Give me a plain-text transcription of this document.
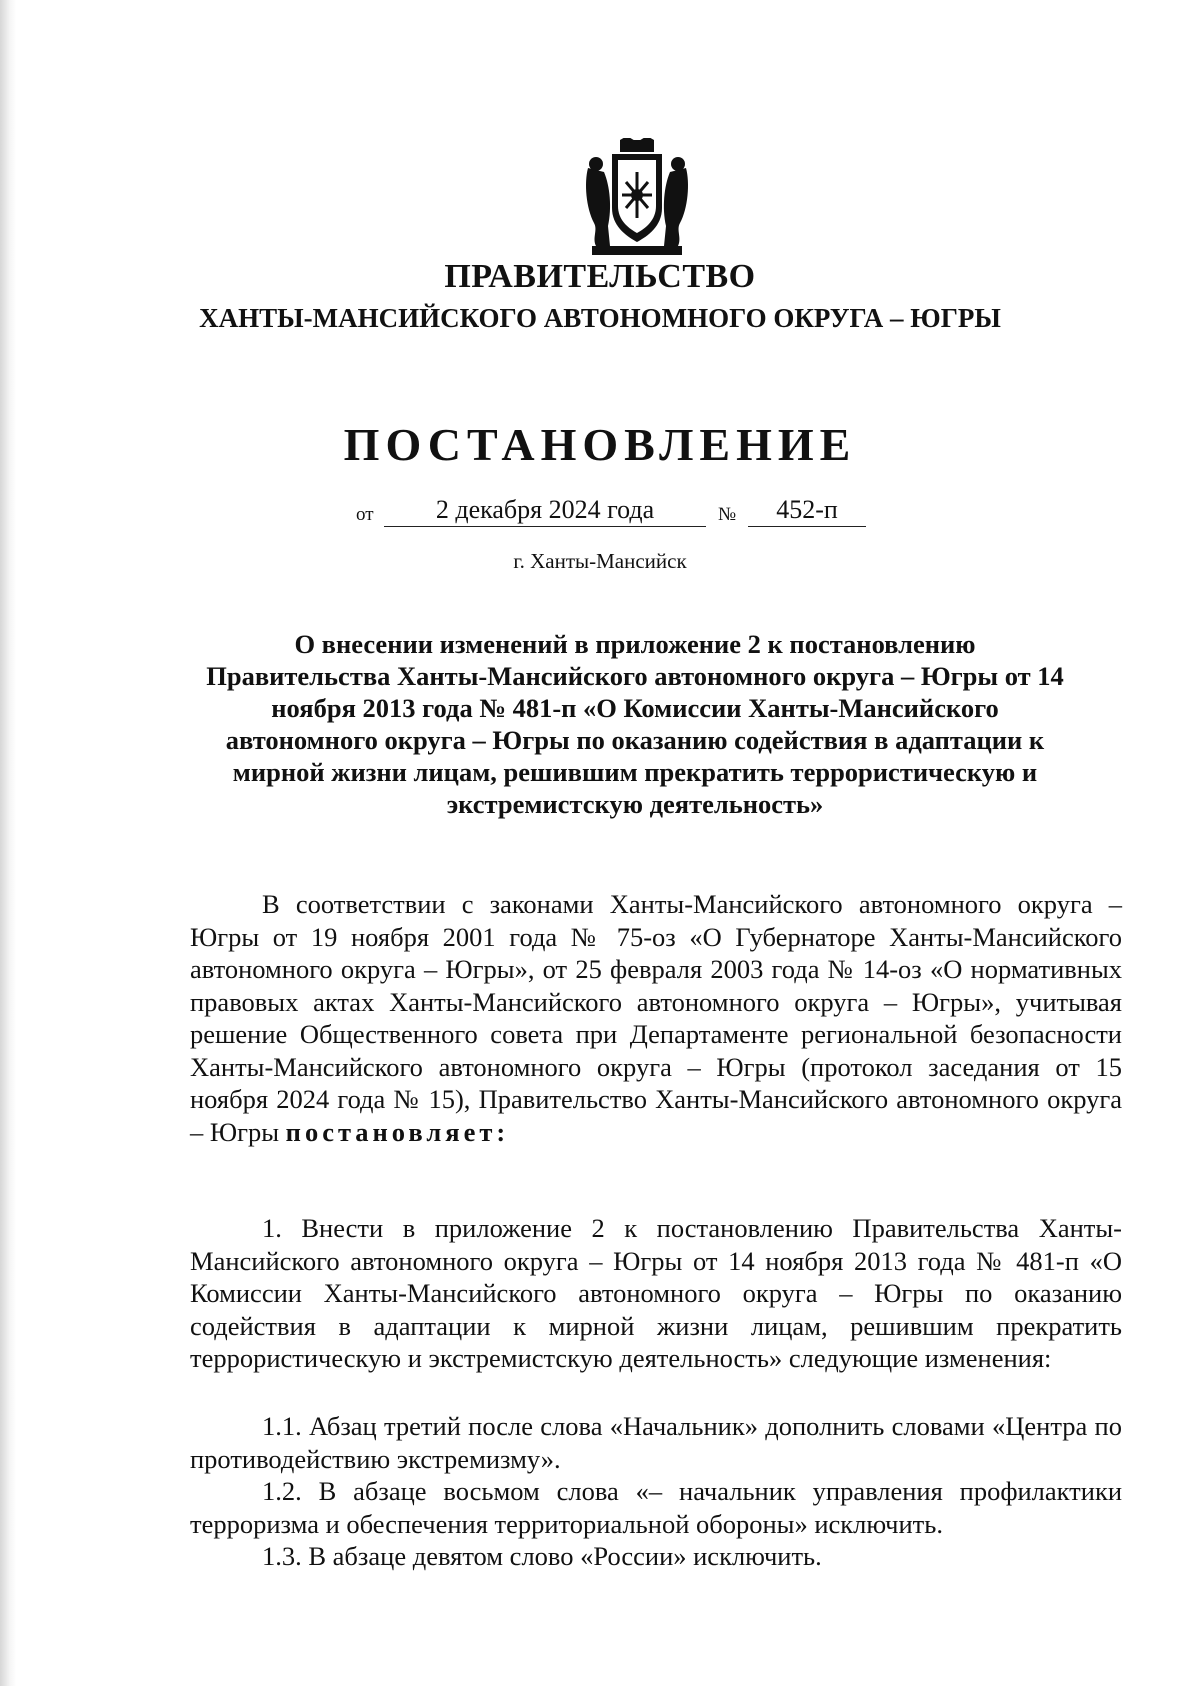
ПРАВИТЕЛЬСТВО
ХАНТЫ-МАНСИЙСКОГО АВТОНОМНОГО ОКРУГА – ЮГРЫ
ПОСТАНОВЛЕНИЕ
от	2 декабря 2024 года	№	452-п
г. Ханты-Мансийск
О внесении изменений в приложение 2 к постановлению Правительства Ханты-Мансийского автономного округа – Югры от 14 ноября 2013 года № 481-п «О Комиссии Ханты-Мансийского автономного округа – Югры по оказанию содействия в адаптации к мирной жизни лицам, решившим прекратить террористическую и экстремистскую деятельность»
В соответствии с законами Ханты-Мансийского автономного округа – Югры от 19 ноября 2001 года № 75-оз «О Губернаторе Ханты-Мансийского автономного округа – Югры», от 25 февраля 2003 года № 14-оз «О нормативных правовых актах Ханты-Мансийского автономного округа – Югры», учитывая решение Общественного совета при Департаменте региональной безопасности Ханты-Мансийского автономного округа – Югры (протокол заседания от 15 ноября 2024 года № 15), Правительство Ханты-Мансийского автономного округа – Югры постановляет:
1. Внести в приложение 2 к постановлению Правительства Ханты-Мансийского автономного округа – Югры от 14 ноября 2013 года № 481-п «О Комиссии Ханты-Мансийского автономного округа – Югры по оказанию содействия в адаптации к мирной жизни лицам, решившим прекратить террористическую и экстремистскую деятельность» следующие изменения:
1.1. Абзац третий после слова «Начальник» дополнить словами «Центра по противодействию экстремизму».
1.2. В абзаце восьмом слова «– начальник управления профилактики терроризма и обеспечения территориальной обороны» исключить.
1.3. В абзаце девятом слово «России» исключить.
